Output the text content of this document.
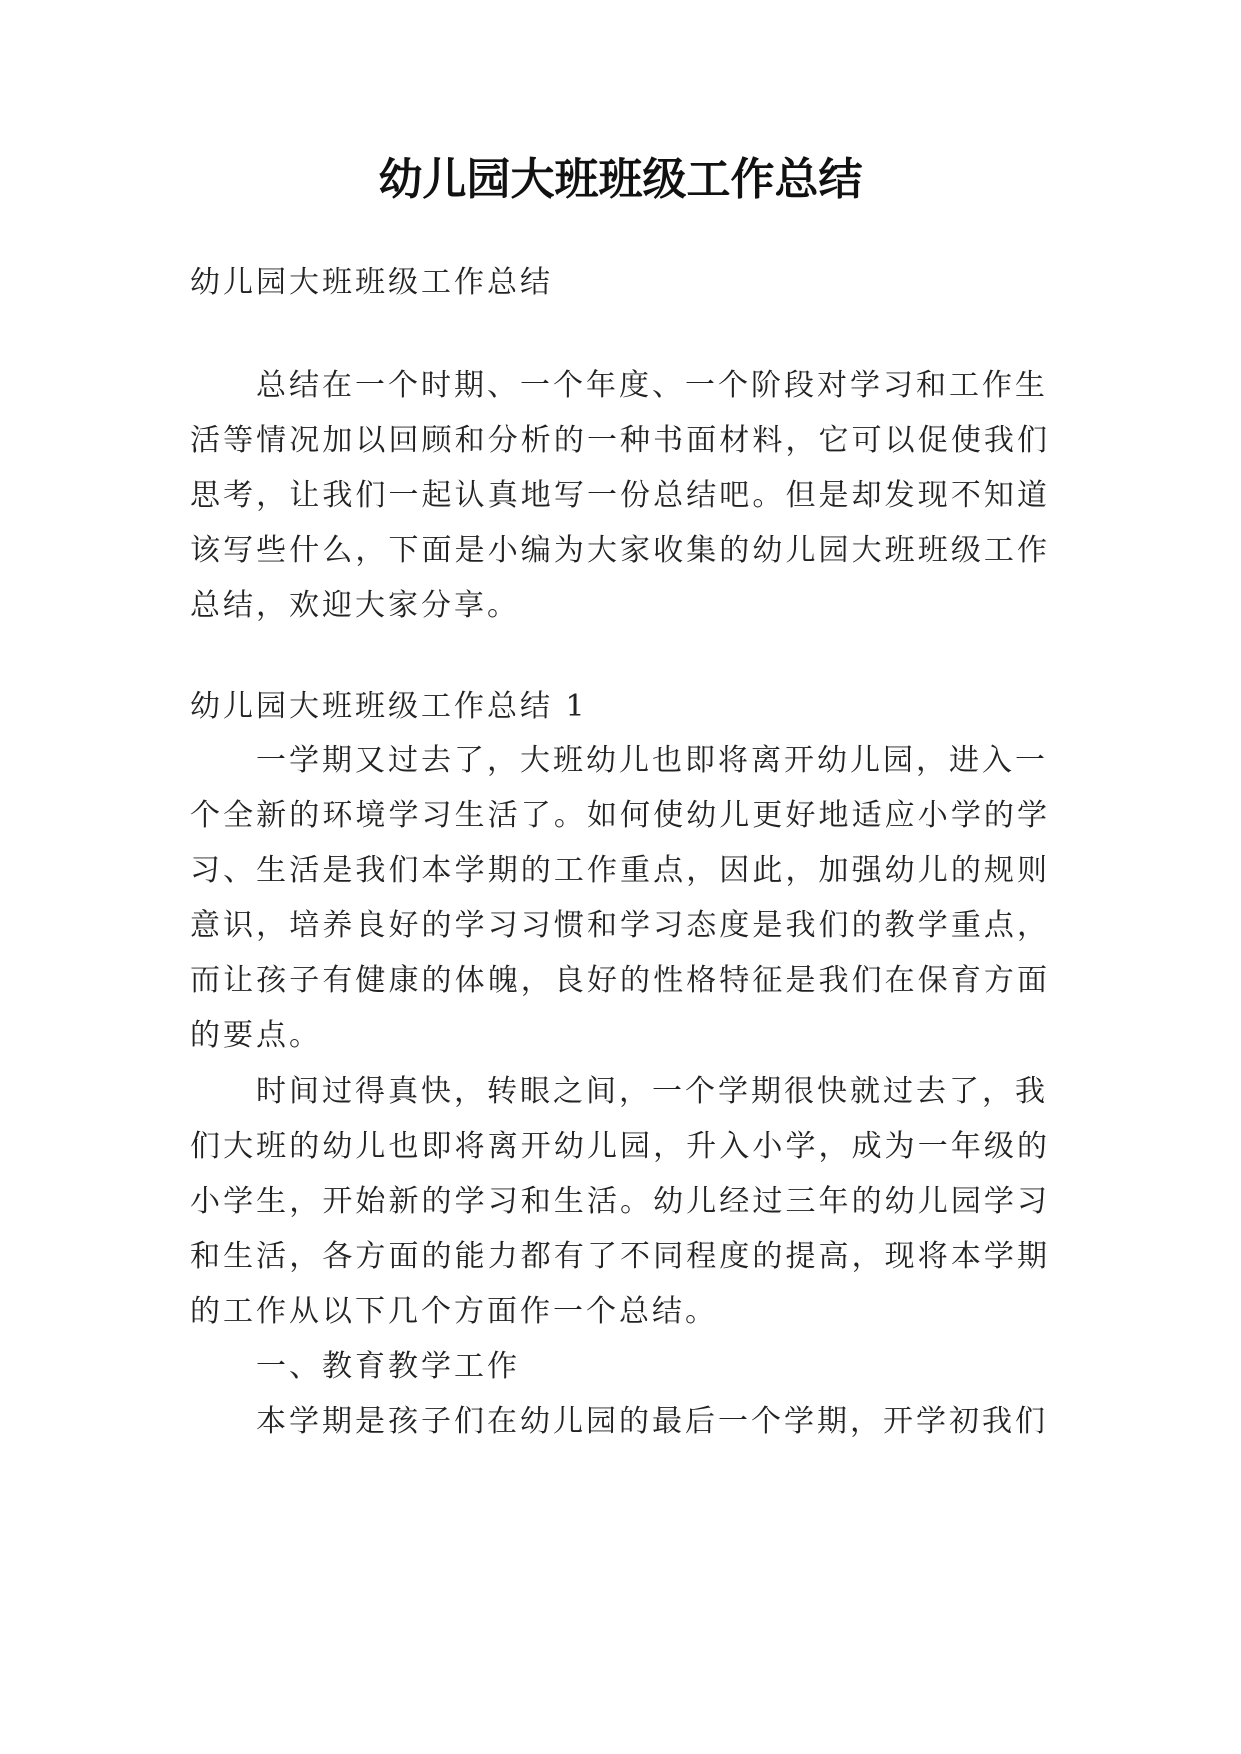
幼儿园大班班级工作总结
幼儿园大班班级工作总结
总结在一个时期、一个年度、一个阶段对学习和工作生
活等情况加以回顾和分析的一种书面材料，它可以促使我们
思考，让我们一起认真地写一份总结吧。但是却发现不知道
该写些什么，下面是小编为大家收集的幼儿园大班班级工作
总结，欢迎大家分享。
幼儿园大班班级工作总结 1
一学期又过去了，大班幼儿也即将离开幼儿园，进入一
个全新的环境学习生活了。如何使幼儿更好地适应小学的学
习、生活是我们本学期的工作重点，因此，加强幼儿的规则
意识，培养良好的学习习惯和学习态度是我们的教学重点，
而让孩子有健康的体魄，良好的性格特征是我们在保育方面
的要点。
时间过得真快，转眼之间，一个学期很快就过去了，我
们大班的幼儿也即将离开幼儿园，升入小学，成为一年级的
小学生，开始新的学习和生活。幼儿经过三年的幼儿园学习
和生活，各方面的能力都有了不同程度的提高，现将本学期
的工作从以下几个方面作一个总结。
一、教育教学工作
本学期是孩子们在幼儿园的最后一个学期，开学初我们
